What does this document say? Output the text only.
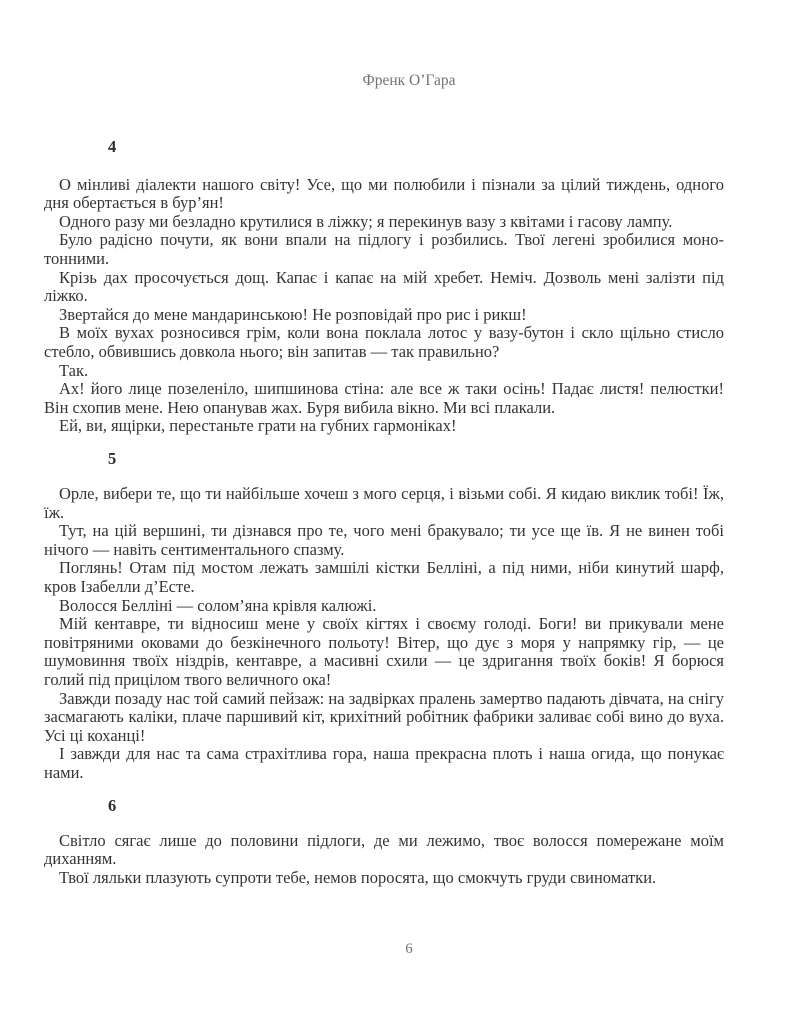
Френк О’Гара
4

О мінливі діалекти нашого світу! Усе, що ми полюбили і пізнали за цілий тиждень, одного дня обертається в бур’ян!

Одного разу ми безладно крутилися в ліжку; я перекинув вазу з квітами і гасову лампу.

Було радісно почути, як вони впали на підлогу і розбились. Твої легені зробилися монотонними.

Крізь дах просочується дощ. Капає і капає на мій хребет. Неміч. Дозволь мені залізти під ліжко.

Звертайся до мене мандаринською! Не розповідай про рис і рикш!

В моїх вухах розносився грім, коли вона поклала лотос у вазу-бутон і скло щільно стисло стебло, обвившись довкола нього; він запитав — так правильно?

Так.

Ах! його лице позеленіло, шипшинова стіна: але все ж таки осінь! Падає листя! пелюстки! Він схопив мене. Нею опанував жах. Буря вибила вікно. Ми всі плакали.

Ей, ви, ящірки, перестаньте грати на губних гармоніках!

5

Орле, вибери те, що ти найбільше хочеш з мого серця, і візьми собі. Я кидаю виклик тобі! Їж, їж.

Тут, на цій вершині, ти дізнався про те, чого мені бракувало; ти усе ще їв. Я не винен тобі нічого — навіть сентиментального спазму.

Поглянь! Отам під мостом лежать замшілі кістки Белліні, а під ними, ніби кинутий шарф, кров Ізабелли д’Есте.

Волосся Белліні — солом’яна крівля калюжі.

Мій кентавре, ти відносиш мене у своїх кігтях і своєму голоді. Боги! ви прикували мене повітряними оковами до безкінечного польоту! Вітер, що дує з моря у напрямку гір, — це шумовиння твоїх ніздрів, кентавре, а масивні схили — це здригання твоїх боків! Я борюся голий під прицілом твого величного ока!

Завжди позаду нас той самий пейзаж: на задвірках пралень замертво падають дівчата, на снігу засмагають каліки, плаче паршивий кіт, крихітний робітник фабрики заливає собі вино до вуха. Усі ці коханці!

І завжди для нас та сама страхітлива гора, наша прекрасна плоть і наша огида, що понукає нами.

6

Світло сягає лише до половини підлоги, де ми лежимо, твоє волосся помережане моїм диханням.

Твої ляльки плазують супроти тебе, немов поросята, що смокчуть груди свиноматки.

6
